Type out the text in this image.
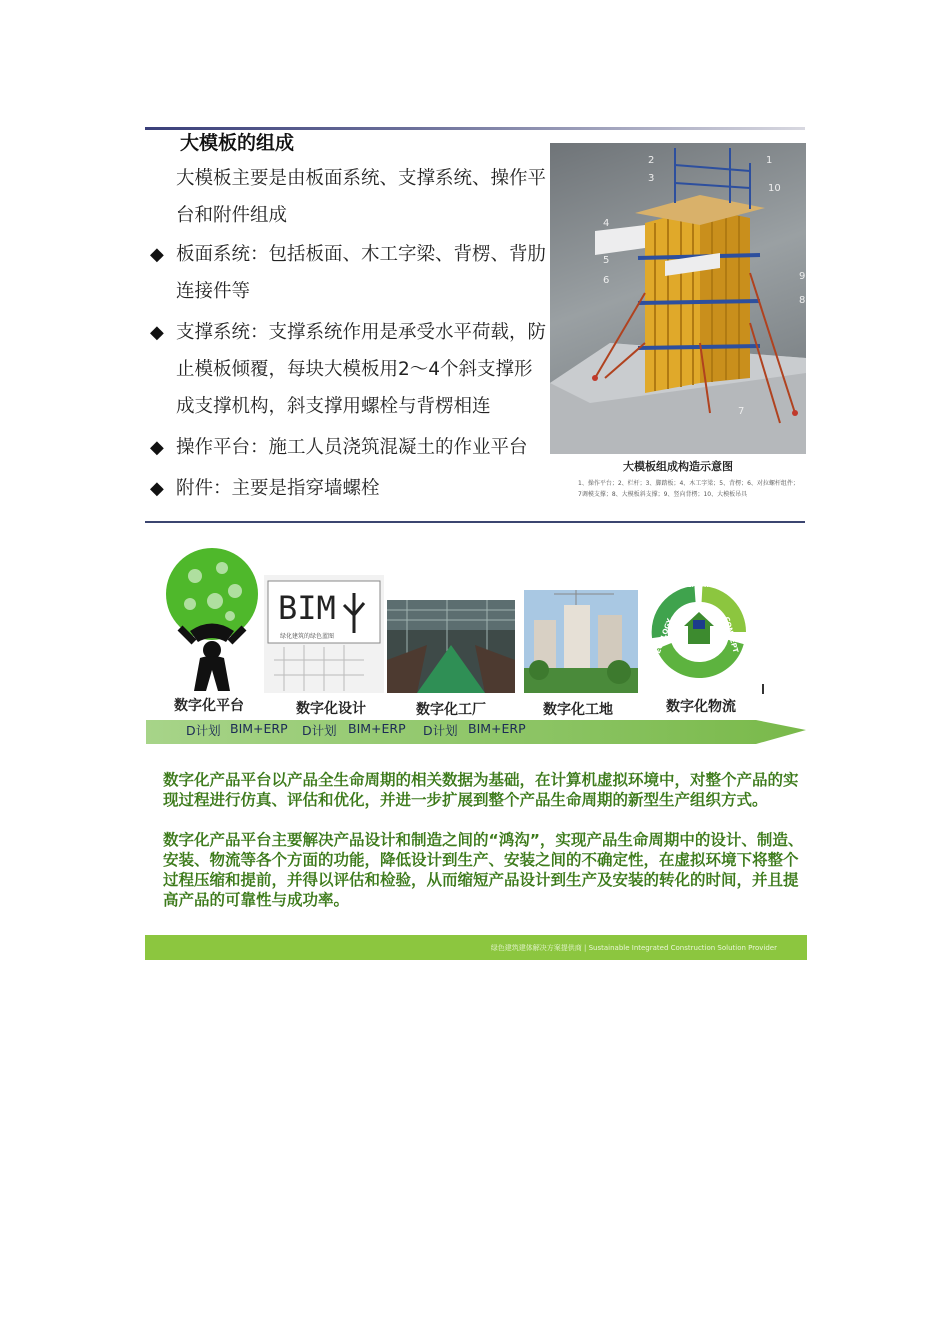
大模板的组成
大模板主要是由板面系统、支撑系统、操作平台和附件组成
◆ 板面系统：包括板面、木工字梁、背楞、背肋连接件等
◆ 支撑系统：支撑系统作用是承受水平荷载，防止模板倾覆，每块大模板用2～4个斜支撑形成支撑机构，斜支撑用螺栓与背楞相连
◆ 操作平台：施工人员浇筑混凝土的作业平台
◆ 附件：主要是指穿墙螺栓
1
2
3
4
5
6
7
8
9
10
大模板组成构造示意图
1、操作平台；2、栏杆；3、脚踏板；4、木工字梁；5、背楞；6、对拉螺杆组件；
7调模支撑；8、大模板斜支撑；9、竖向背楞；10、大模板吊具
数字化平台
BIM
绿化建筑的绿色蓝图
数字化设计	数字化工厂	数字化工地
ALTERNATIVE
CONCEPT
ECOLOGY
数字化物流
D计划 BIM+ERP D计划 BIM+ERP D计划 BIM+ERP
数字化产品平台以产品全生命周期的相关数据为基础，在计算机虚拟环境中，对整个产品的实现过程进行仿真、评估和优化，并进一步扩展到整个产品生命周期的新型生产组织方式。
数字化产品平台主要解决产品设计和制造之间的“鸿沟”，实现产品生命周期中的设计、制造、安装、物流等各个方面的功能，降低设计到生产、安装之间的不确定性，在虚拟环境下将整个过程压缩和提前，并得以评估和检验，从而缩短产品设计到生产及安装的转化的时间，并且提高产品的可靠性与成功率。
绿色建筑建体解决方案提供商 | Sustainable Integrated Construction Solution Provider
